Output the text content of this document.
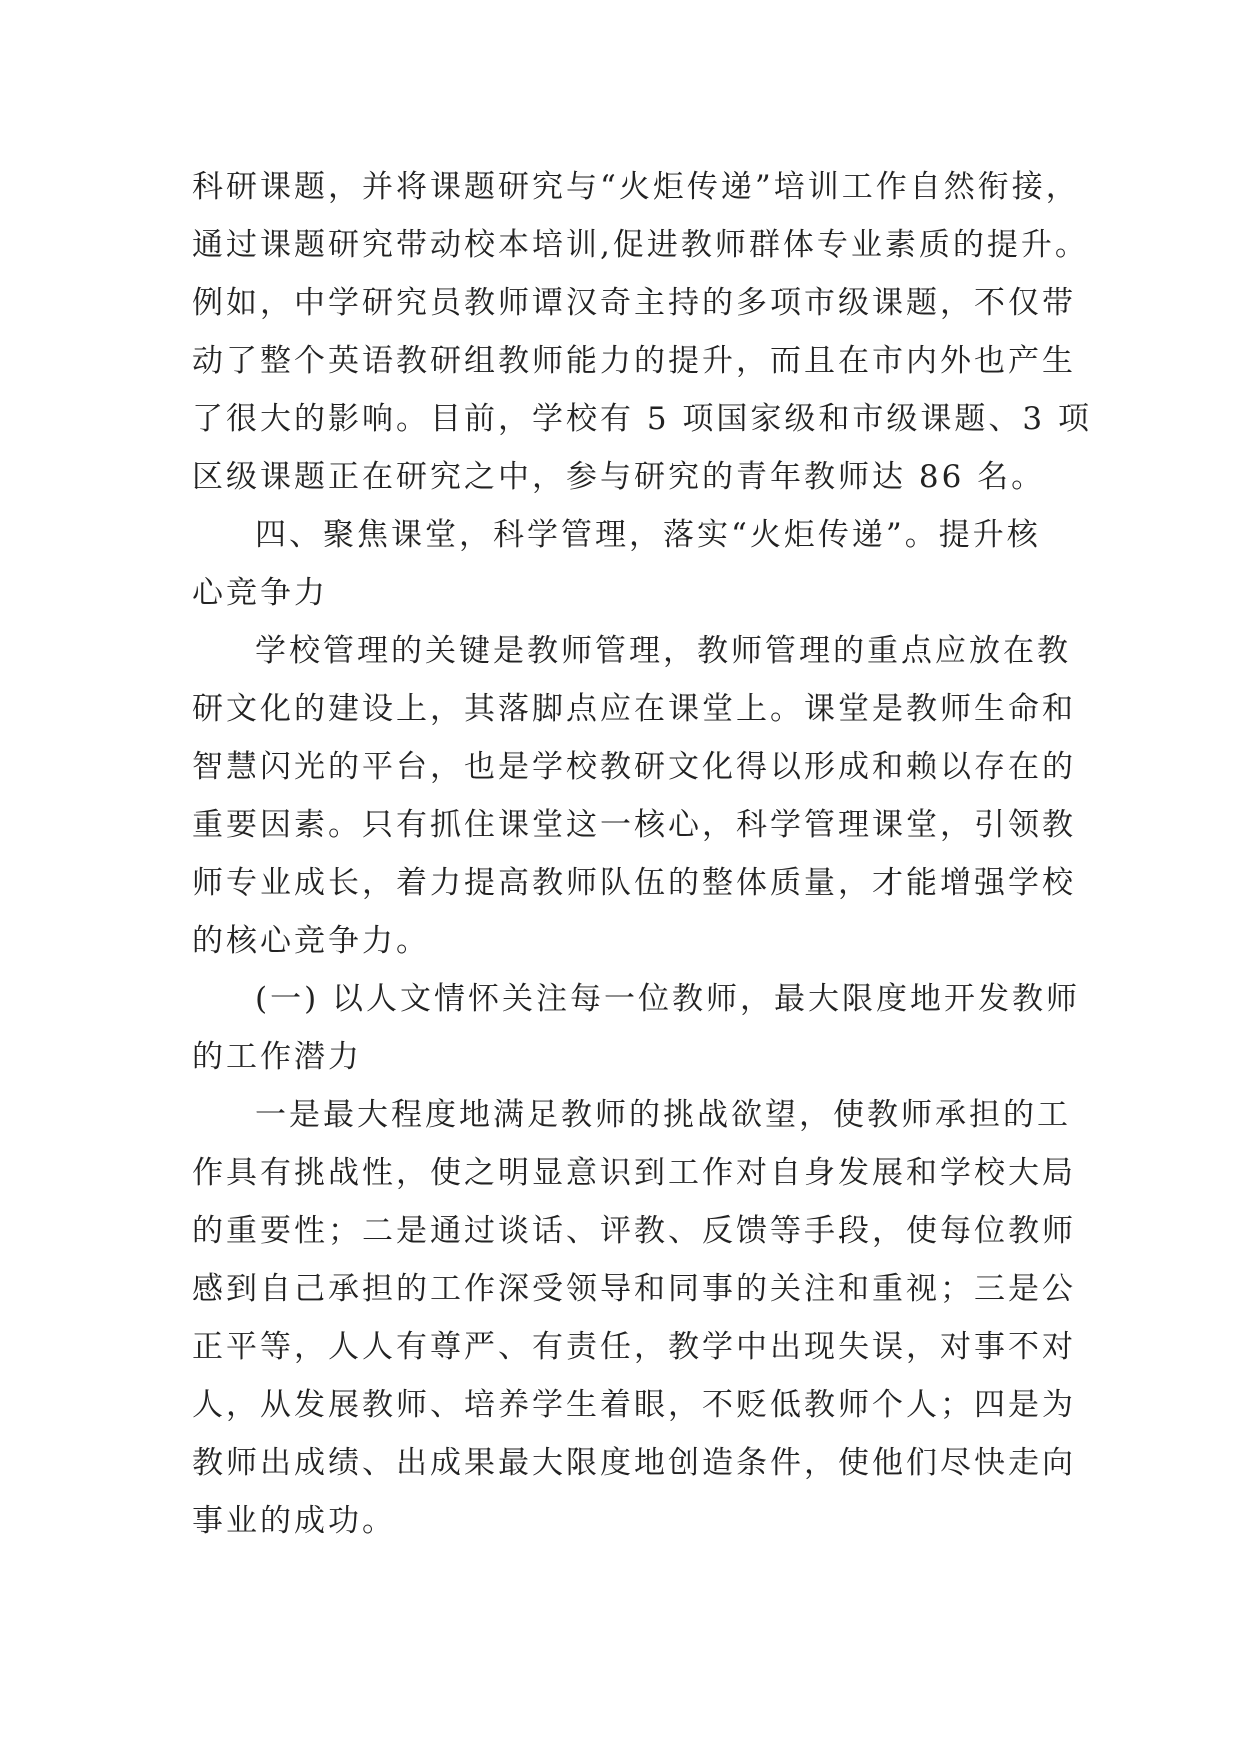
科研课题，并将课题研究与“火炬传递”培训工作自然衔接，
通过课题研究带动校本培训,促进教师群体专业素质的提升。
例如，中学研究员教师谭汉奇主持的多项市级课题，不仅带
动了整个英语教研组教师能力的提升，而且在市内外也产生
了很大的影响。目前，学校有 5 项国家级和市级课题、3 项
区级课题正在研究之中，参与研究的青年教师达 86 名。
四、聚焦课堂，科学管理，落实“火炬传递”。提升核
心竞争力
学校管理的关键是教师管理，教师管理的重点应放在教
研文化的建设上，其落脚点应在课堂上。课堂是教师生命和
智慧闪光的平台，也是学校教研文化得以形成和赖以存在的
重要因素。只有抓住课堂这一核心，科学管理课堂，引领教
师专业成长，着力提高教师队伍的整体质量，才能增强学校
的核心竞争力。
(一) 以人文情怀关注每一位教师，最大限度地开发教师
的工作潜力
一是最大程度地满足教师的挑战欲望，使教师承担的工
作具有挑战性，使之明显意识到工作对自身发展和学校大局
的重要性；二是通过谈话、评教、反馈等手段，使每位教师
感到自己承担的工作深受领导和同事的关注和重视；三是公
正平等，人人有尊严、有责任，教学中出现失误，对事不对
人，从发展教师、培养学生着眼，不贬低教师个人；四是为
教师出成绩、出成果最大限度地创造条件，使他们尽快走向
事业的成功。
